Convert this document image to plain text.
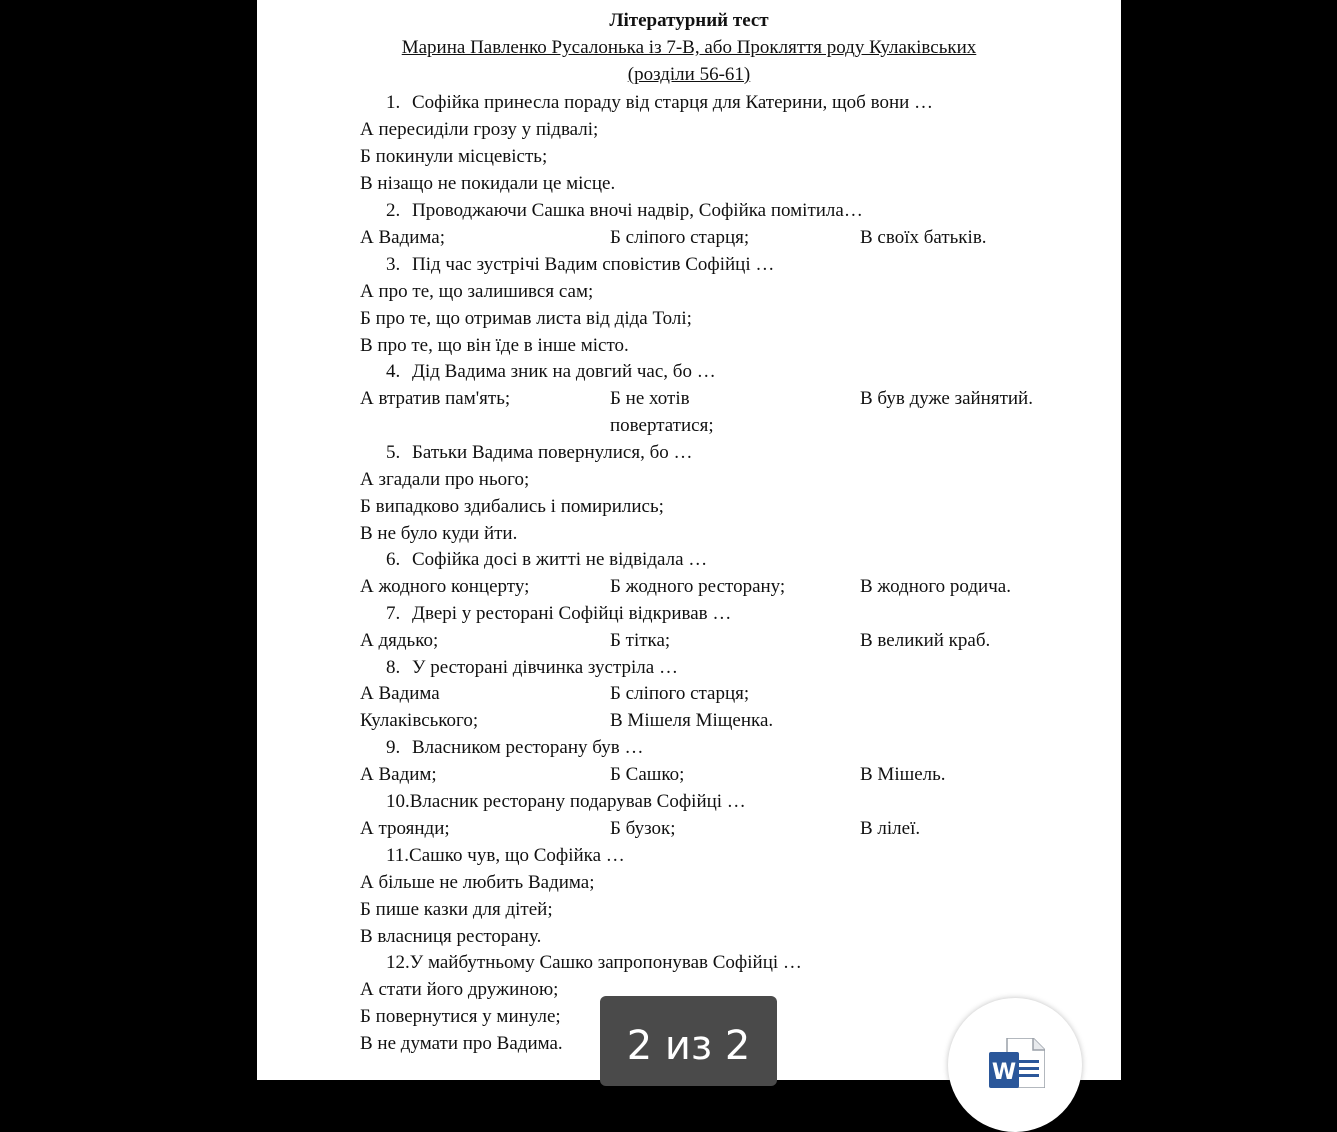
Літературний тест
Марина Павленко Русалонька із 7-В, або Прокляття роду Кулаківських
(розділи 56-61)
1. Софійка принесла пораду від старця для Катерини, щоб вони …
А пересиділи грозу у підвалі;
Б покинули місцевість;
В нізащо не покидали це місце.
2. Проводжаючи Сашка вночі надвір, Софійка помітила…
А Вадима;	Б сліпого старця;	В своїх батьків.
3. Під час зустрічі Вадим сповістив Софійці …
А про те, що залишився сам;
Б про те, що отримав листа від діда Толі;
В про те, що він їде в інше місто.
4. Дід Вадима зник на довгий час, бо …
А втратив пам'ять;	Б не хотів
повертатися;
В був дуже зайнятий.
5. Батьки Вадима повернулися, бо …
А згадали про нього;
Б випадково здибались і помирились;
В не було куди йти.
6. Софійка досі в житті не відвідала …
А жодного концерту;	Б жодного ресторану;	В жодного родича.
7. Двері у ресторані Софійці відкривав …
А дядько;	Б тітка;	В великий краб.
8. У ресторані дівчинка зустріла …
А Вадима	Б сліпого старця;
Кулаківського;	В Мішеля Міщенка.
9. Власником ресторану був …
А Вадим;	Б Сашко;	В Мішель.
10.Власник ресторану подарував Софійці …
А троянди;	Б бузок;	В лілеї.
11.Сашко чув, що Софійка …
А більше не любить Вадима;
Б пише казки для дітей;
В власниця ресторану.
12.У майбутньому Сашко запропонував Софійці …
А стати його дружиною;
Б повернутися у минуле;
В не думати про Вадима.	2 из 2
W
